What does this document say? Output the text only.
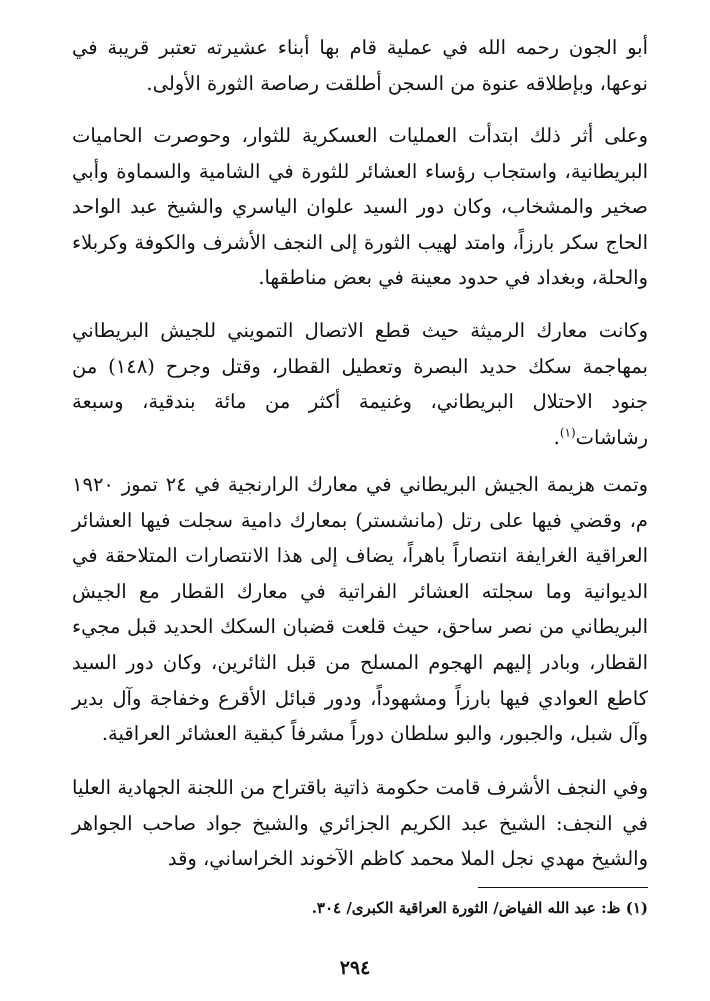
أبو الجون رحمه الله في عملية قام بها أبناء عشيرته تعتبر قريبة في نوعها، وبإطلاقه عنوة من السجن أطلقت رصاصة الثورة الأولى.

وعلى أثر ذلك ابتدأت العمليات العسكرية للثوار، وحوصرت الحاميات البريطانية، واستجاب رؤساء العشائر للثورة في الشامية والسماوة وأبي صخير والمشخاب، وكان دور السيد علوان الياسري والشيخ عبد الواحد الحاج سكر بارزاً، وامتد لهيب الثورة إلى النجف الأشرف والكوفة وكربلاء والحلة، وبغداد في حدود معينة في بعض مناطقها.

وكانت معارك الرميثة حيث قطع الاتصال التمويني للجيش البريطاني بمهاجمة سكك حديد البصرة وتعطيل القطار، وقتل وجرح (١٤٨) من جنود الاحتلال البريطاني، وغنيمة أكثر من مائة بندقية، وسبعة رشاشات$^{(١)}$.

وتمت هزيمة الجيش البريطاني في معارك الرارنجية في ٢٤ تموز ١٩٢٠ م، وقضي فيها على رتل (مانشستر) بمعارك دامية سجلت فيها العشائر العراقية الغرايفة انتصاراً باهراً، يضاف إلى هذا الانتصارات المتلاحقة في الديوانية وما سجلته العشائر الفراتية في معارك القطار مع الجيش البريطاني من نصر ساحق، حيث قلعت قضبان السكك الحديد قبل مجيء القطار، وبادر إليهم الهجوم المسلح من قبل الثائرين، وكان دور السيد كاطع العوادي فيها بارزاً ومشهوداً، ودور قبائل الأقرع وخفاجة وآل بدير وآل شبل، والجبور، والبو سلطان دوراً مشرفاً كبقية العشائر العراقية.

وفي النجف الأشرف قامت حكومة ذاتية باقتراح من اللجنة الجهادية العليا في النجف: الشيخ عبد الكريم الجزائري والشيخ جواد صاحب الجواهر والشيخ مهدي نجل الملا محمد كاظم الآخوند الخراساني، وقد

(١) ظ: عبد الله الفياض/ الثورة العراقية الكبرى/ ٣٠٤.
٢٩٤
